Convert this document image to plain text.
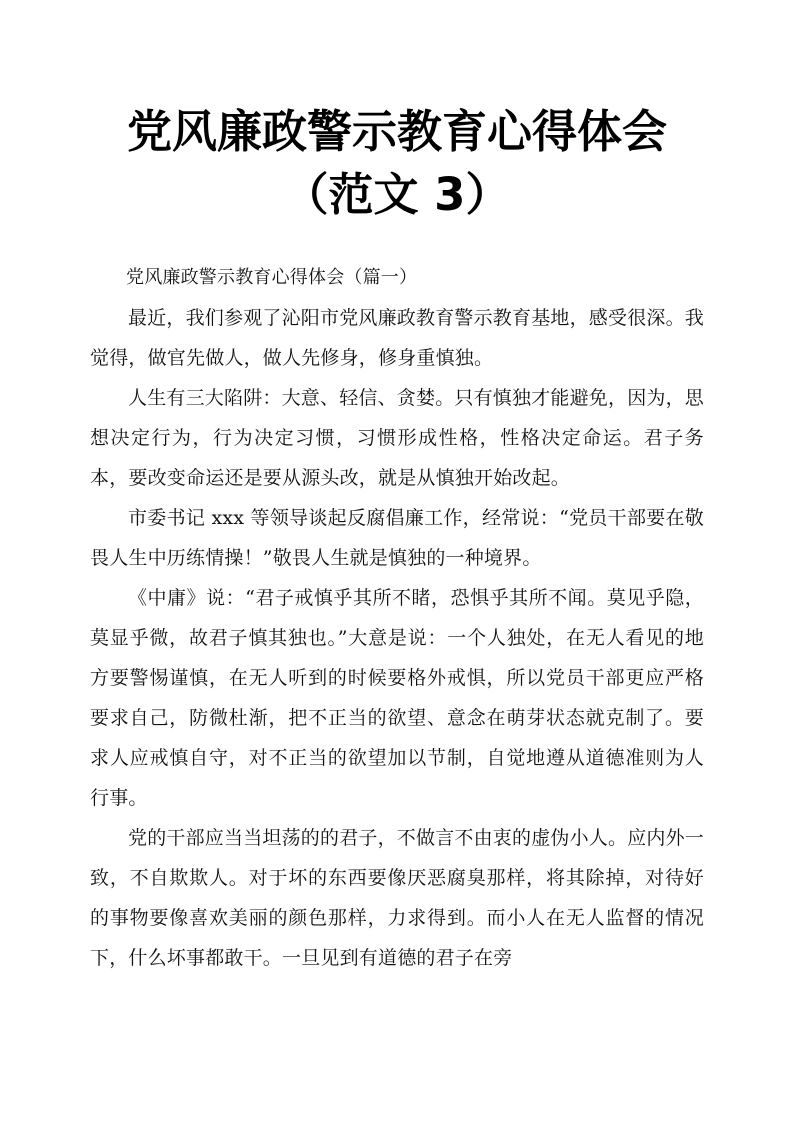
党风廉政警示教育心得体会
（范文 3）

党风廉政警示教育心得体会（篇一）

最近，我们参观了沁阳市党风廉政教育警示教育基地，感受很深。我觉得，做官先做人，做人先修身，修身重慎独。

人生有三大陷阱：大意、轻信、贪婪。只有慎独才能避免，因为，思想决定行为，行为决定习惯，习惯形成性格，性格决定命运。君子务本，要改变命运还是要从源头改，就是从慎独开始改起。

市委书记 xxx 等领导谈起反腐倡廉工作，经常说：“党员干部要在敬畏人生中历练情操！”敬畏人生就是慎独的一种境界。

《中庸》说：“君子戒慎乎其所不睹，恐惧乎其所不闻。莫见乎隐，莫显乎微，故君子慎其独也。”大意是说：一个人独处，在无人看见的地方要警惕谨慎，在无人听到的时候要格外戒惧，所以党员干部更应严格要求自己，防微杜渐，把不正当的欲望、意念在萌芽状态就克制了。要求人应戒慎自守，对不正当的欲望加以节制，自觉地遵从道德准则为人行事。

党的干部应当当坦荡的的君子，不做言不由衷的虚伪小人。应内外一致，不自欺欺人。对于坏的东西要像厌恶腐臭那样，将其除掉，对待好的事物要像喜欢美丽的颜色那样，力求得到。而小人在无人监督的情况下，什么坏事都敢干。一旦见到有道德的君子在旁
